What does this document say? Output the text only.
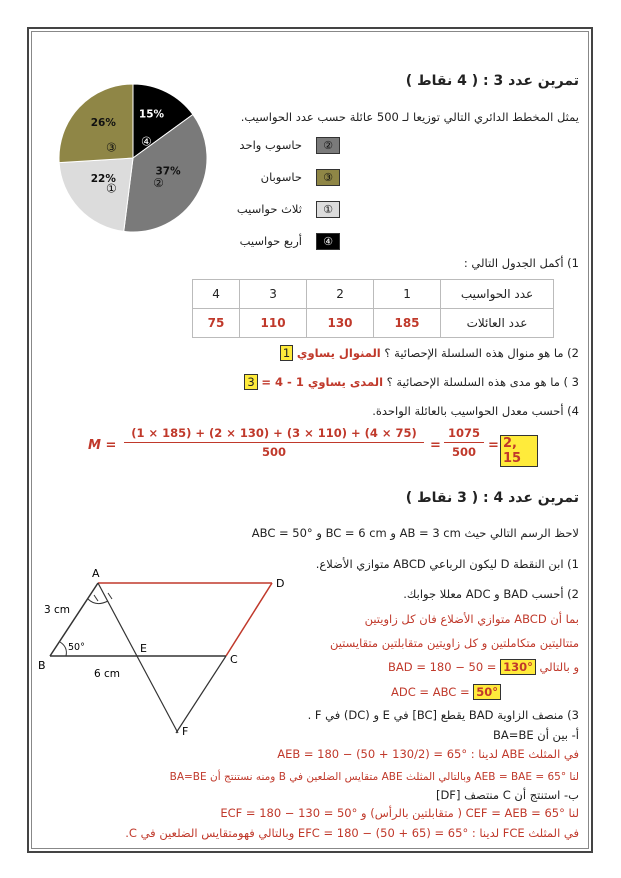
تمرين عدد 3 : ( 4 نقاط )
يمثل المخطط الدائري التالي توزيعا لـ 500 عائلة حسب عدد الحواسيب.
15%
④
37%
②
22%
①
26%
③	②
حاسوب واحد
③
حاسوبان
①
ثلاث حواسيب
④
أربع حواسيب
1) أكمل الجدول التالي :
عدد الحواسيب	1	2	3	4
عدد العائلات	185	130	110	75
2) ما هو منوال هذه السلسلة الإحصائية ؟ المنوال يساوي 1
3 ) ما هو مدى هذه السلسلة الإحصائية ؟ المدى يساوي 1 - 4 = 3
4) أحسب معدل الحواسيب بالعائلة الواحدة.
$M = \frac{(1 \times 185) + (2 \times 130) + (3 \times 110) + (4 \times 75)}{500} = \frac{1075}{500} = 2$, 15
تمرين عدد 4 : ( 3 نقاط )
لاحظ الرسم التالي حيث AB = 3 cm و BC = 6 cm و ABC = 50°
1) ابن النقطة D ليكون الرباعي ABCD متوازي الأضلاع.
2) أحسب BAD و ADC معللا جوابك.
بما أن ABCD متوازي الأضلاع فان كل زاويتين
متتاليتين متكاملتين و كل زاويتين متقابلتين متقايستين
و بالتالي BAD = 180 − 50 = 130°
ADC = ABC = 50°
3) منصف الزاوية BAD يقطع [BC] في E و (DC) في F .
أ- بين أن BA=BE
في المثلث ABE لدينا : AEB = 180 − (50 + 130/2) = 65°
لنا AEB = BAE = 65° وبالتالي المثلث ABE متقايس الضلعين في B ومنه نستنتج أن BA=BE
ب- استنتج أن C منتصف [DF]
لنا CEF = AEB = 65° ( متقابلتين بالرأس) و ECF = 180 − 130 = 50°
في المثلث FCE لدينا : EFC = 180 − (50 + 65) = 65° وبالتالي فهومتقايس الضلعين في C.
A
D
B	C
E
F
3 cm
6 cm
50°
